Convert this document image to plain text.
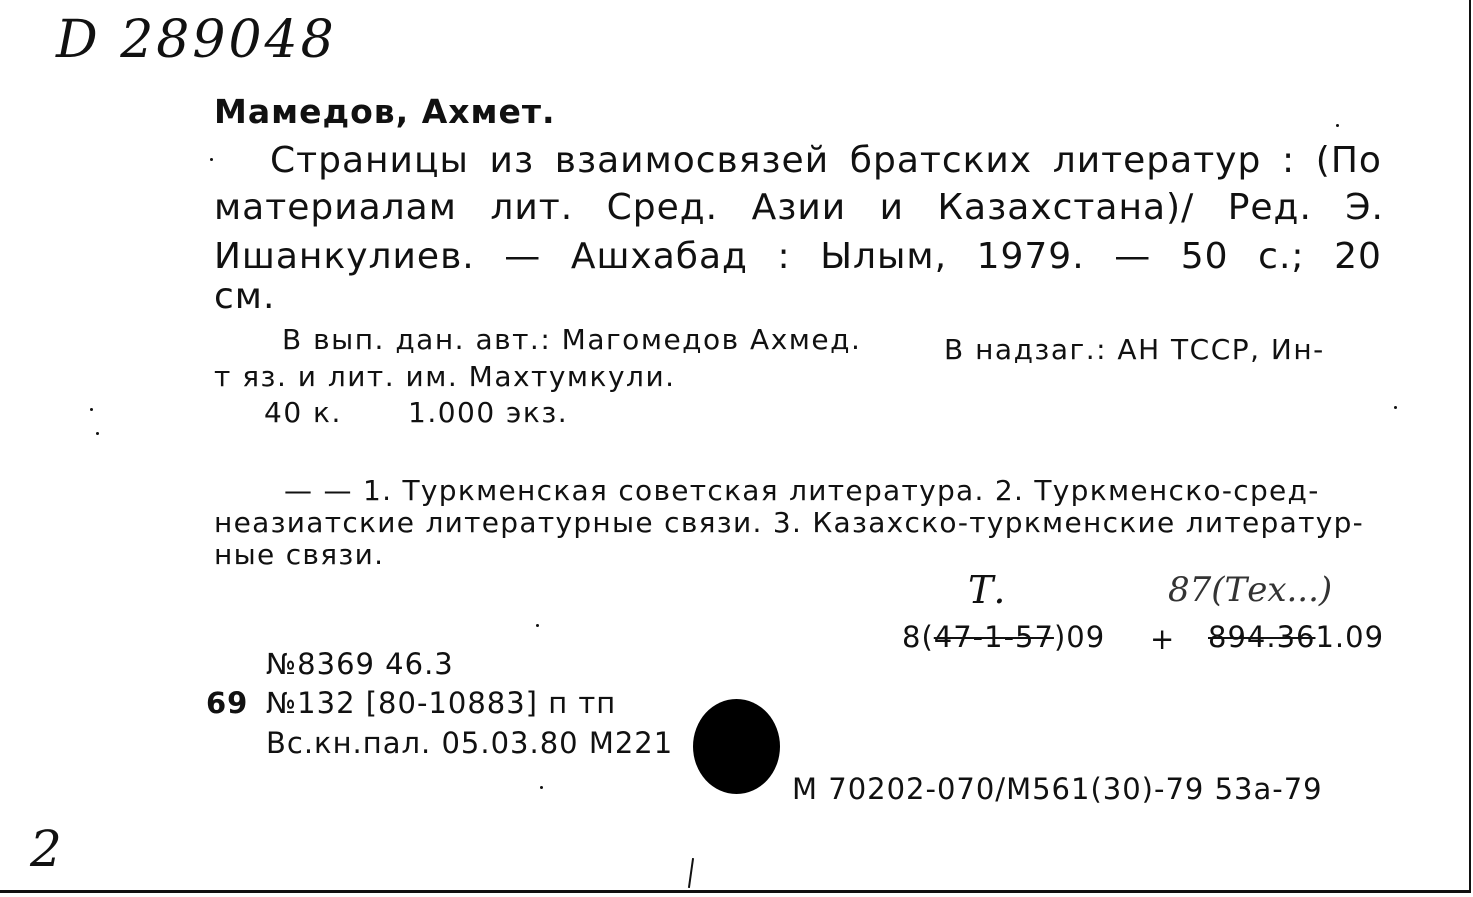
D 289048
Мамедов, Ахмет.
Страницы из взаимосвязей братских литератур : (По
материалам лит. Сред. Азии и Казахстана)/ Ред. Э.
Ишанкулиев. — Ашхабад : Ылым, 1979. — 50 с.; 20
см.
В вып. дан. авт.: Магомедов Ахмед.	В надзаг.: АН ТССР, Ин-
т яз. и лит. им. Махтумкули.
40 к. 1.000 экз.
— — 1. Туркменская советская литература. 2. Туркменско-сред-
неазиатские литературные связи. 3. Казахско-туркменские литератур-
ные связи.
Т.	87(Тех...)
8(47-1-57)09 + 894.361.09
№8369 46.3
69 №132 [80-10883] п тп
Вс.кн.пал. 05.03.80 М221
М 70202-070/М561(30)-79 53а-79
2
